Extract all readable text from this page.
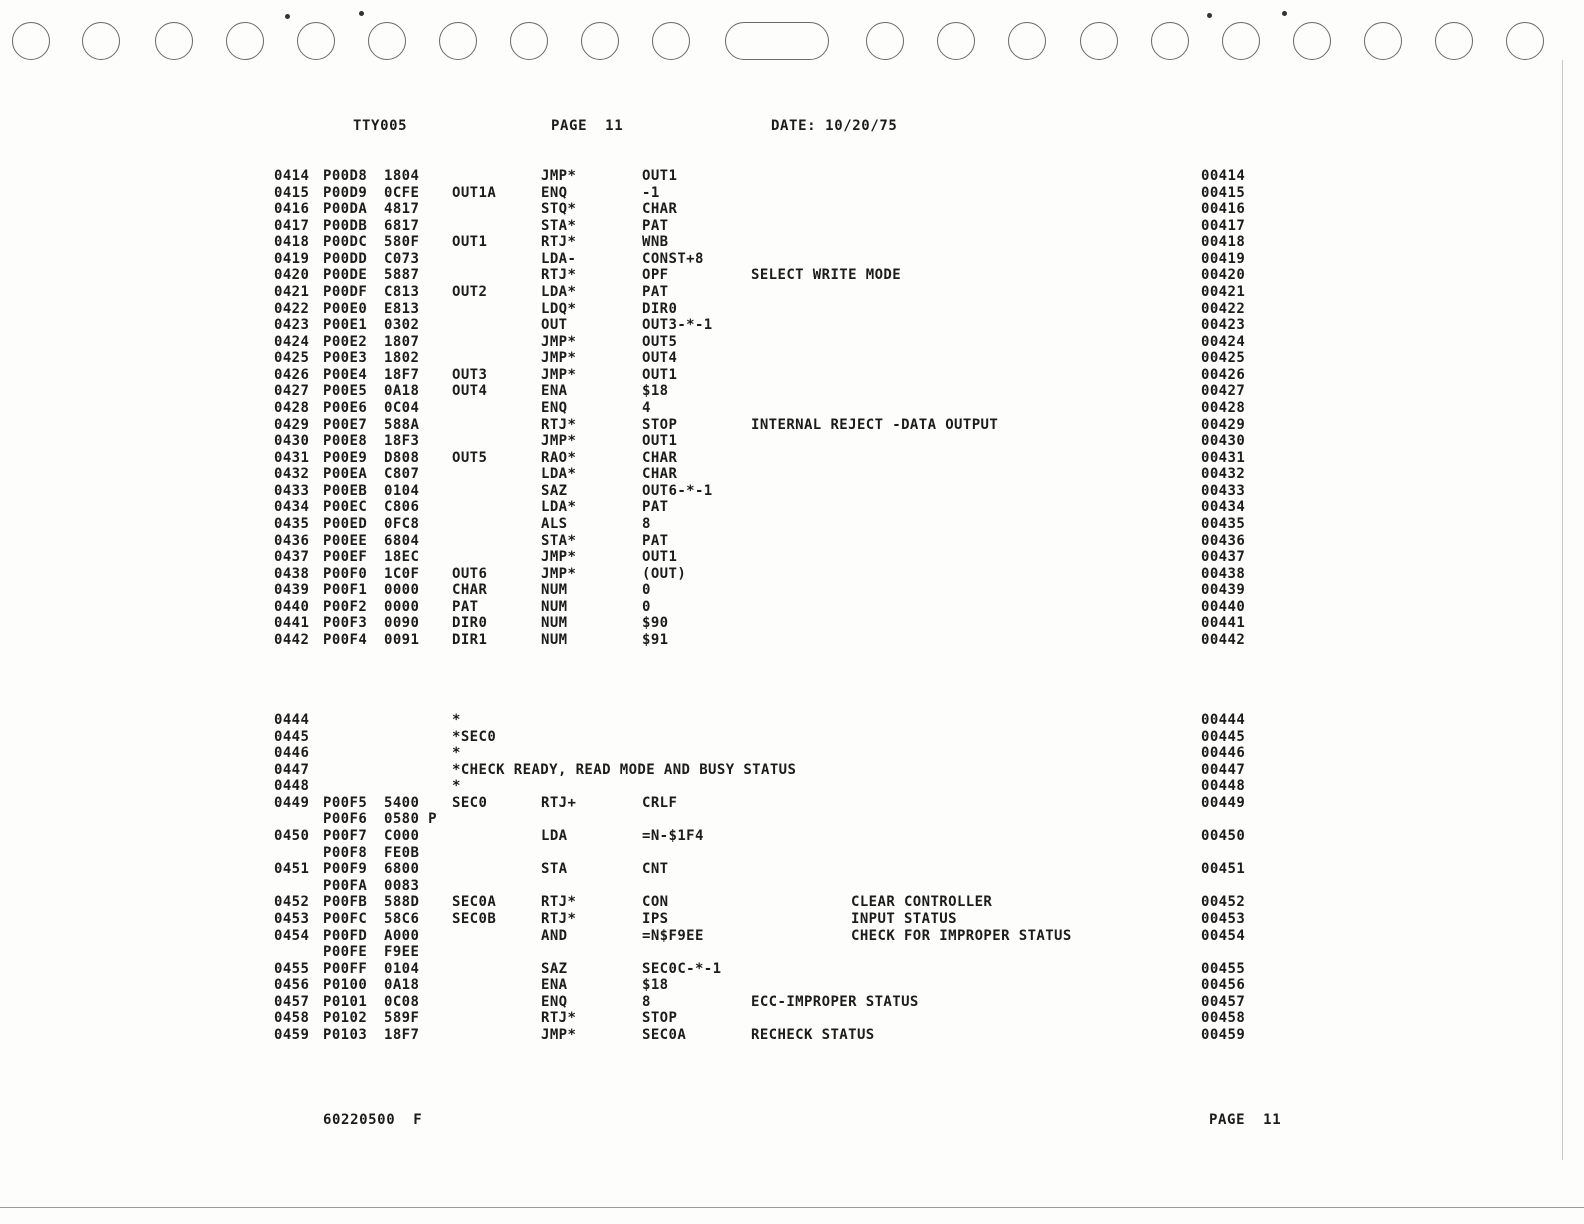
TTY005	PAGE  11	DATE: 10/20/75
0414 P00D8 1804	JMP*	OUT1	00414
0415 P00D9 0CFE OUT1A	ENQ	-1	00415
0416 P00DA 4817	STQ*	CHAR	00416
0417 P00DB 6817	STA*	PAT	00417
0418 P00DC 580F OUT1	RTJ*	WNB	00418
0419 P00DD C073	LDA-	CONST+8	00419
0420 P00DE 5887	RTJ*	OPF	SELECT WRITE MODE	00420
0421 P00DF C813 OUT2	LDA*	PAT	00421
0422 P00E0 E813	LDQ*	DIR0	00422
0423 P00E1 0302	OUT	OUT3-*-1	00423
0424 P00E2 1807	JMP*	OUT5	00424
0425 P00E3 1802	JMP*	OUT4	00425
0426 P00E4 18F7 OUT3	JMP*	OUT1	00426
0427 P00E5 0A18 OUT4	ENA	$18	00427
0428 P00E6 0C04	ENQ	4	00428
0429 P00E7 588A	RTJ*	STOP	INTERNAL REJECT -DATA OUTPUT	00429
0430 P00E8 18F3	JMP*	OUT1	00430
0431 P00E9 D808 OUT5	RAO*	CHAR	00431
0432 P00EA C807	LDA*	CHAR	00432
0433 P00EB 0104	SAZ	OUT6-*-1	00433
0434 P00EC C806	LDA*	PAT	00434
0435 P00ED 0FC8	ALS	8	00435
0436 P00EE 6804	STA*	PAT	00436
0437 P00EF 18EC	JMP*	OUT1	00437
0438 P00F0 1C0F OUT6	JMP*	(OUT)	00438
0439 P00F1 0000 CHAR	NUM	0	00439
0440 P00F2 0000 PAT	NUM	0	00440
0441 P00F3 0090 DIR0	NUM	$90	00441
0442 P00F4 0091 DIR1	NUM	$91	00442
0444	*	00444
0445	*SEC0	00445
0446	*	00446
0447	*CHECK READY, READ MODE AND BUSY STATUS	00447
0448	*	00448
0449 P00F5 5400 SEC0	RTJ+	CRLF	00449
P00F6 0580 P
0450 P00F7 C000	LDA	=N-$1F4	00450
P00F8 FE0B
0451 P00F9 6800	STA	CNT	00451
P00FA 0083
0452 P00FB 588D SEC0A	RTJ*	CON	CLEAR CONTROLLER	00452
0453 P00FC 58C6 SEC0B	RTJ*	IPS	INPUT STATUS	00453
0454 P00FD A000	AND	=N$F9EE	CHECK FOR IMPROPER STATUS	00454
P00FE F9EE
0455 P00FF 0104	SAZ	SEC0C-*-1	00455
0456 P0100 0A18	ENA	$18	00456
0457 P0101 0C08	ENQ	8	ECC-IMPROPER STATUS	00457
0458 P0102 589F	RTJ*	STOP	00458
0459 P0103 18F7	JMP*	SEC0A	RECHECK STATUS	00459
60220500  F	PAGE  11
